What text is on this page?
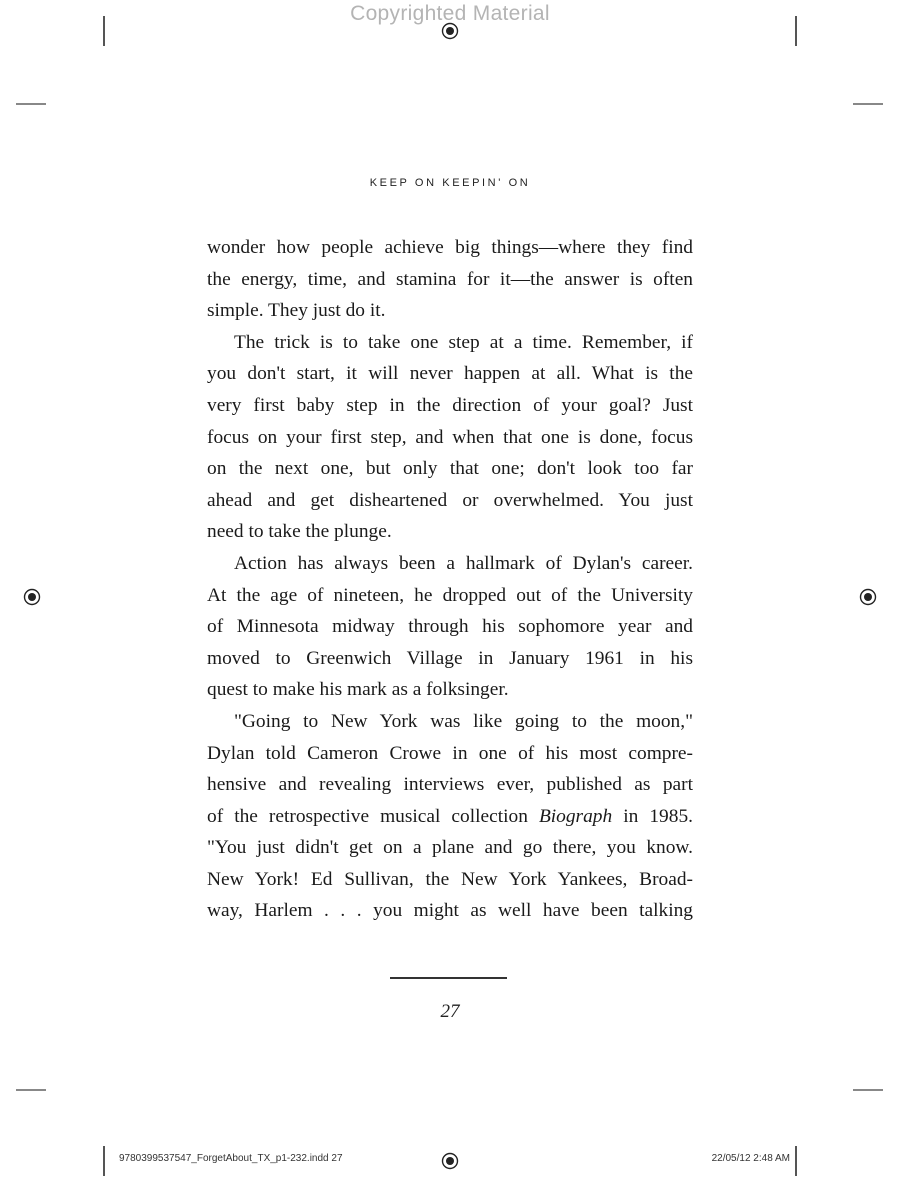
Copyrighted Material
KEEP ON KEEPIN' ON

wonder how people achieve big things—where they find
the energy, time, and stamina for it—the answer is often
simple. They just do it.

The trick is to take one step at a time. Remember, if
you don't start, it will never happen at all. What is the
very first baby step in the direction of your goal? Just
focus on your first step, and when that one is done, focus
on the next one, but only that one; don't look too far
ahead and get disheartened or overwhelmed. You just
need to take the plunge.

Action has always been a hallmark of Dylan's career.
At the age of nineteen, he dropped out of the University
of Minnesota midway through his sophomore year and
moved to Greenwich Village in January 1961 in his
quest to make his mark as a folksinger.

"Going to New York was like going to the moon,"
Dylan told Cameron Crowe in one of his most compre-
hensive and revealing interviews ever, published as part
of the retrospective musical collection Biograph in 1985.
"You just didn't get on a plane and go there, you know.
New York! Ed Sullivan, the New York Yankees, Broad-
way, Harlem . . . you might as well have been talking

27
9780399537547_ForgetAbout_TX_p1-232.indd 27	22/05/12 2:48 AM
